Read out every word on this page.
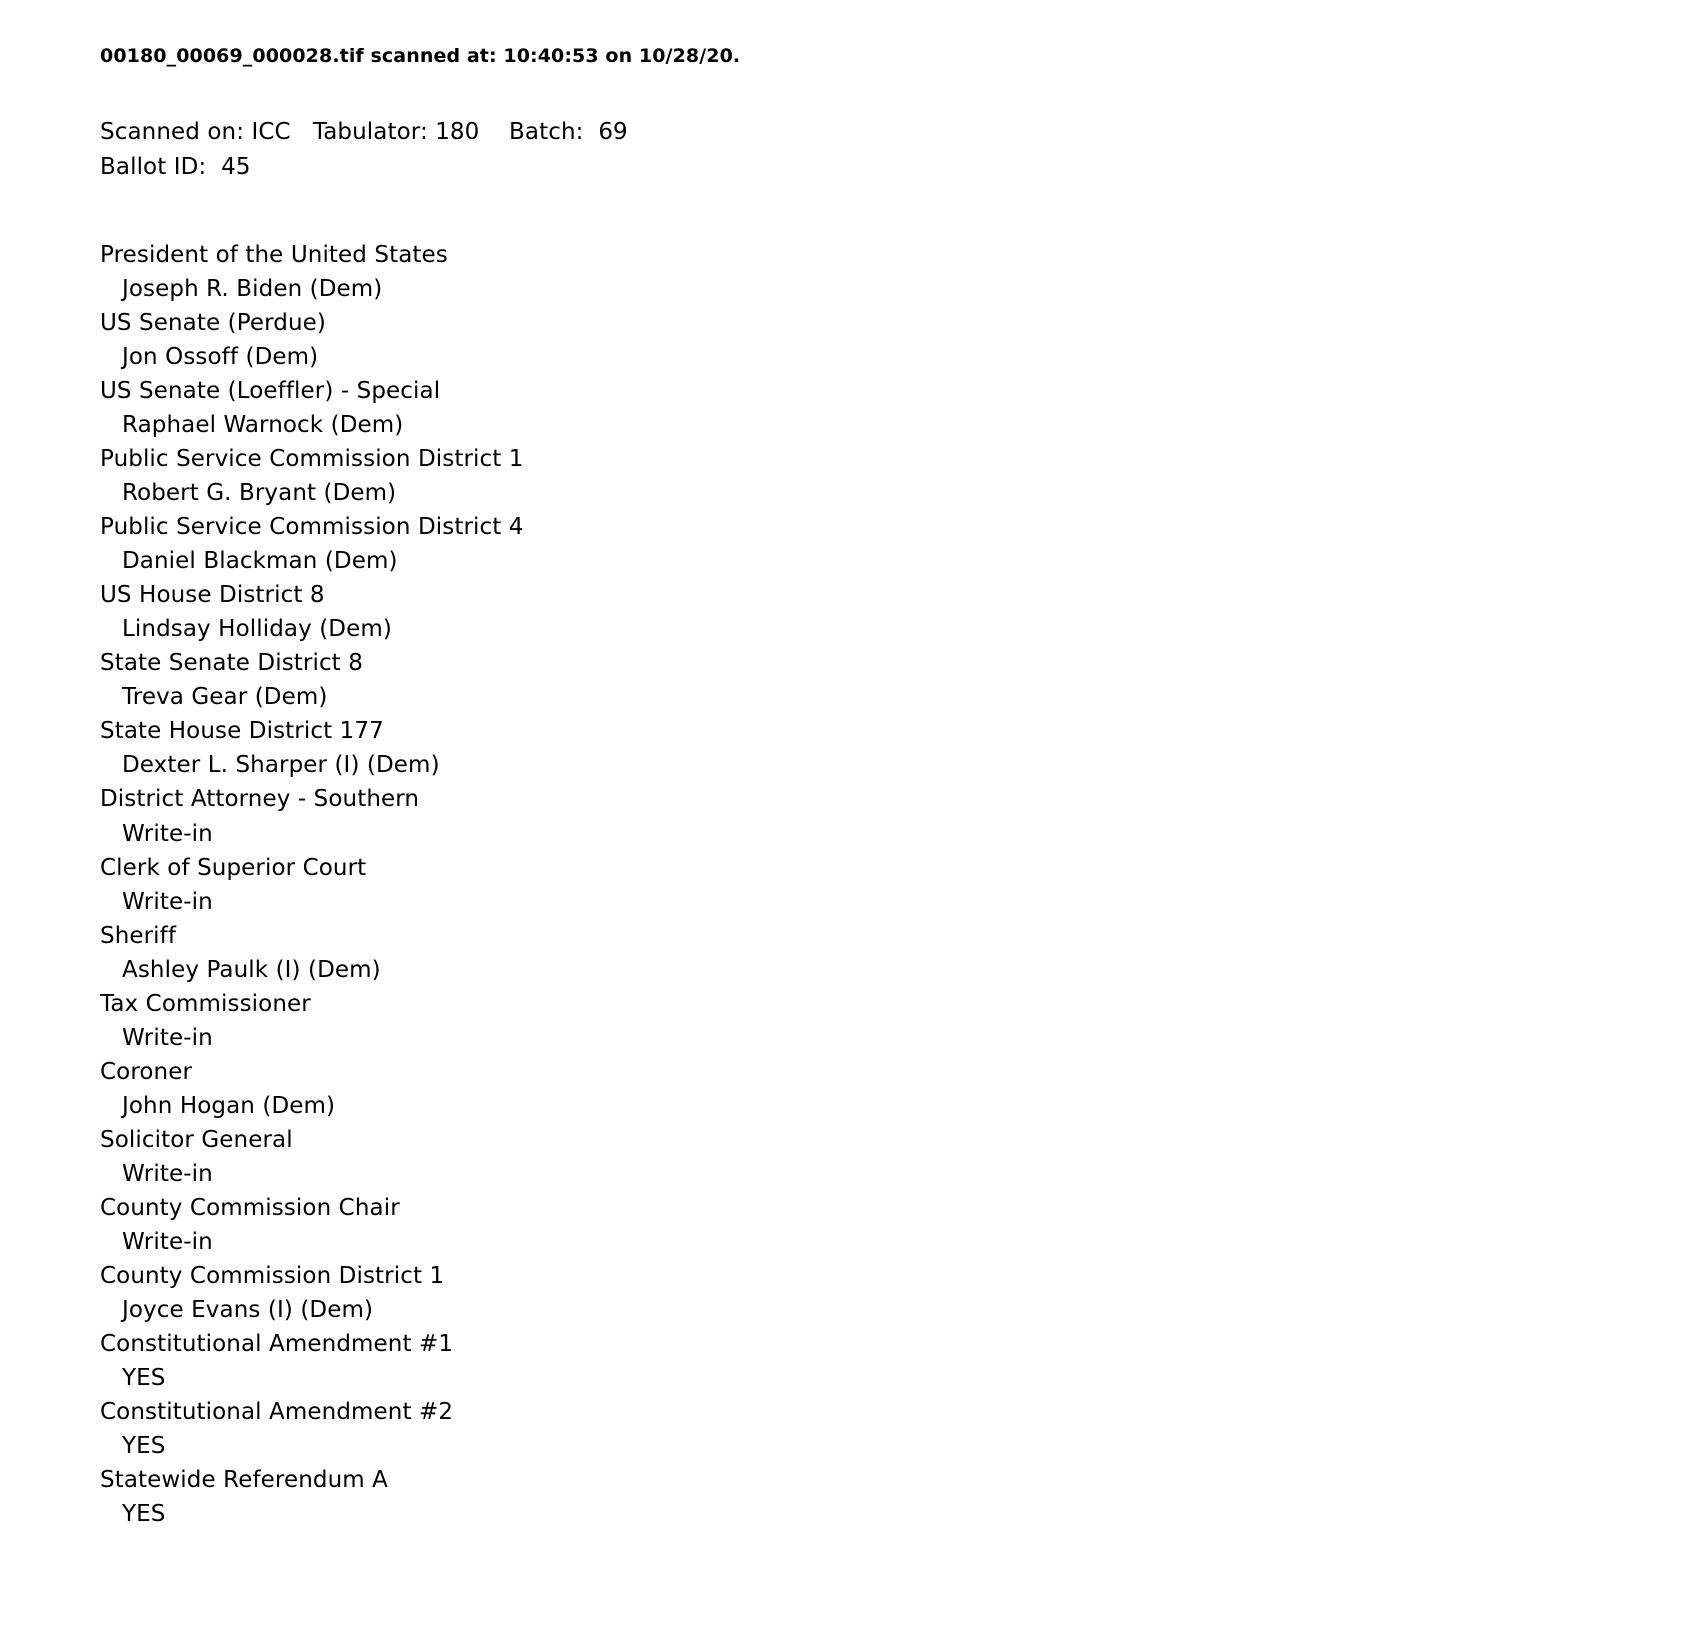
00180_00069_000028.tif scanned at: 10:40:53 on 10/28/20.
Scanned on: ICC   Tabulator: 180    Batch:  69
Ballot ID:  45
President of the United States
Joseph R. Biden (Dem)
US Senate (Perdue)
Jon Ossoff (Dem)
US Senate (Loeffler) - Special
Raphael Warnock (Dem)
Public Service Commission District 1
Robert G. Bryant (Dem)
Public Service Commission District 4
Daniel Blackman (Dem)
US House District 8
Lindsay Holliday (Dem)
State Senate District 8
Treva Gear (Dem)
State House District 177
Dexter L. Sharper (I) (Dem)
District Attorney - Southern
Write-in
Clerk of Superior Court
Write-in
Sheriff
Ashley Paulk (I) (Dem)
Tax Commissioner
Write-in
Coroner
John Hogan (Dem)
Solicitor General
Write-in
County Commission Chair
Write-in
County Commission District 1
Joyce Evans (I) (Dem)
Constitutional Amendment #1
YES
Constitutional Amendment #2
YES
Statewide Referendum A
YES
